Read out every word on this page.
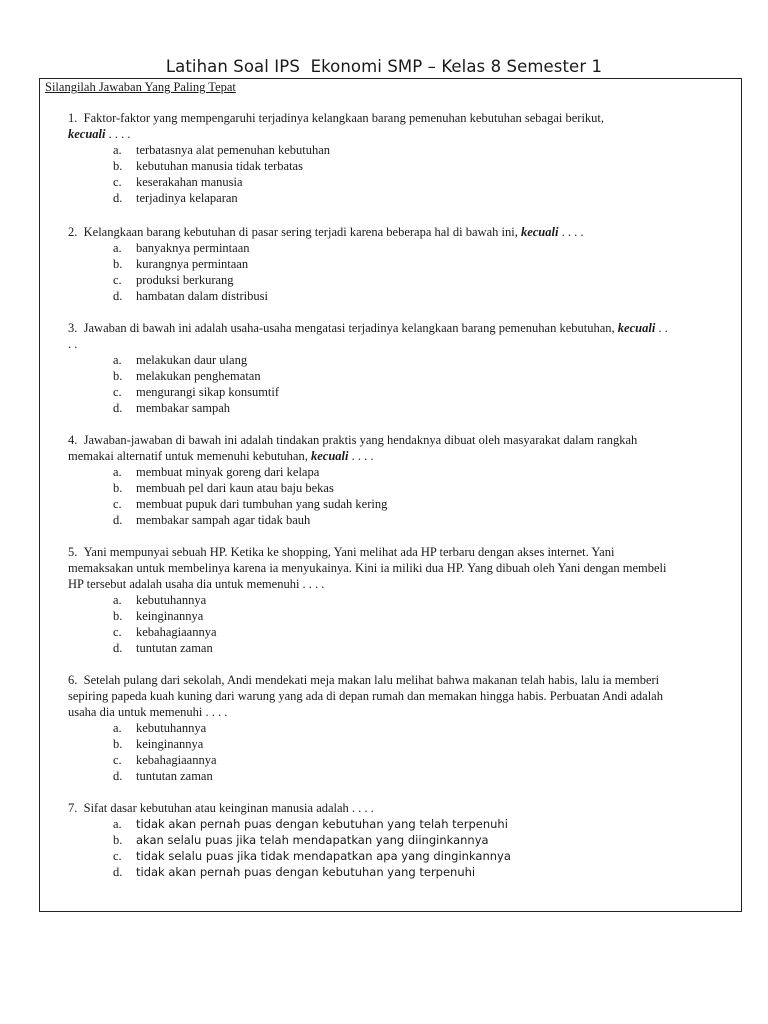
Latihan Soal IPS  Ekonomi SMP – Kelas 8 Semester 1
Silangilah Jawaban Yang Paling Tepat
1. Faktor-faktor yang mempengaruhi terjadinya kelangkaan barang pemenuhan kebutuhan sebagai berikut,
kecuali . . . .
a. terbatasnya alat pemenuhan kebutuhan
b. kebutuhan manusia tidak terbatas
c. keserakahan manusia
d. terjadinya kelaparan
2. Kelangkaan barang kebutuhan di pasar sering terjadi karena beberapa hal di bawah ini, kecuali . . . .
a. banyaknya permintaan
b. kurangnya permintaan
c. produksi berkurang
d. hambatan dalam distribusi
3. Jawaban di bawah ini adalah usaha-usaha mengatasi terjadinya kelangkaan barang pemenuhan kebutuhan, kecuali . .
. .
a. melakukan daur ulang
b. melakukan penghematan
c. mengurangi sikap konsumtif
d. membakar sampah
4. Jawaban-jawaban di bawah ini adalah tindakan praktis yang hendaknya dibuat oleh masyarakat dalam rangkah
memakai alternatif untuk memenuhi kebutuhan, kecuali . . . .
a. membuat minyak goreng dari kelapa
b. membuah pel dari kaun atau baju bekas
c. membuat pupuk dari tumbuhan yang sudah kering
d. membakar sampah agar tidak bauh
5. Yani mempunyai sebuah HP. Ketika ke shopping, Yani melihat ada HP terbaru dengan akses internet. Yani
memaksakan untuk membelinya karena ia menyukainya. Kini ia miliki dua HP. Yang dibuah oleh Yani dengan membeli
HP tersebut adalah usaha dia untuk memenuhi . . . .
a. kebutuhannya
b. keinginannya
c. kebahagiaannya
d. tuntutan zaman
6. Setelah pulang dari sekolah, Andi mendekati meja makan lalu melihat bahwa makanan telah habis, lalu ia memberi
sepiring papeda kuah kuning dari warung yang ada di depan rumah dan memakan hingga habis. Perbuatan Andi adalah
usaha dia untuk memenuhi . . . .
a. kebutuhannya
b. keinginannya
c. kebahagiaannya
d. tuntutan zaman
7. Sifat dasar kebutuhan atau keinginan manusia adalah . . . .
a. tidak akan pernah puas dengan kebutuhan yang telah terpenuhi
b. akan selalu puas jika telah mendapatkan yang diinginkannya
c. tidak selalu puas jika tidak mendapatkan apa yang dinginkannya
d. tidak akan pernah puas dengan kebutuhan yang terpenuhi
